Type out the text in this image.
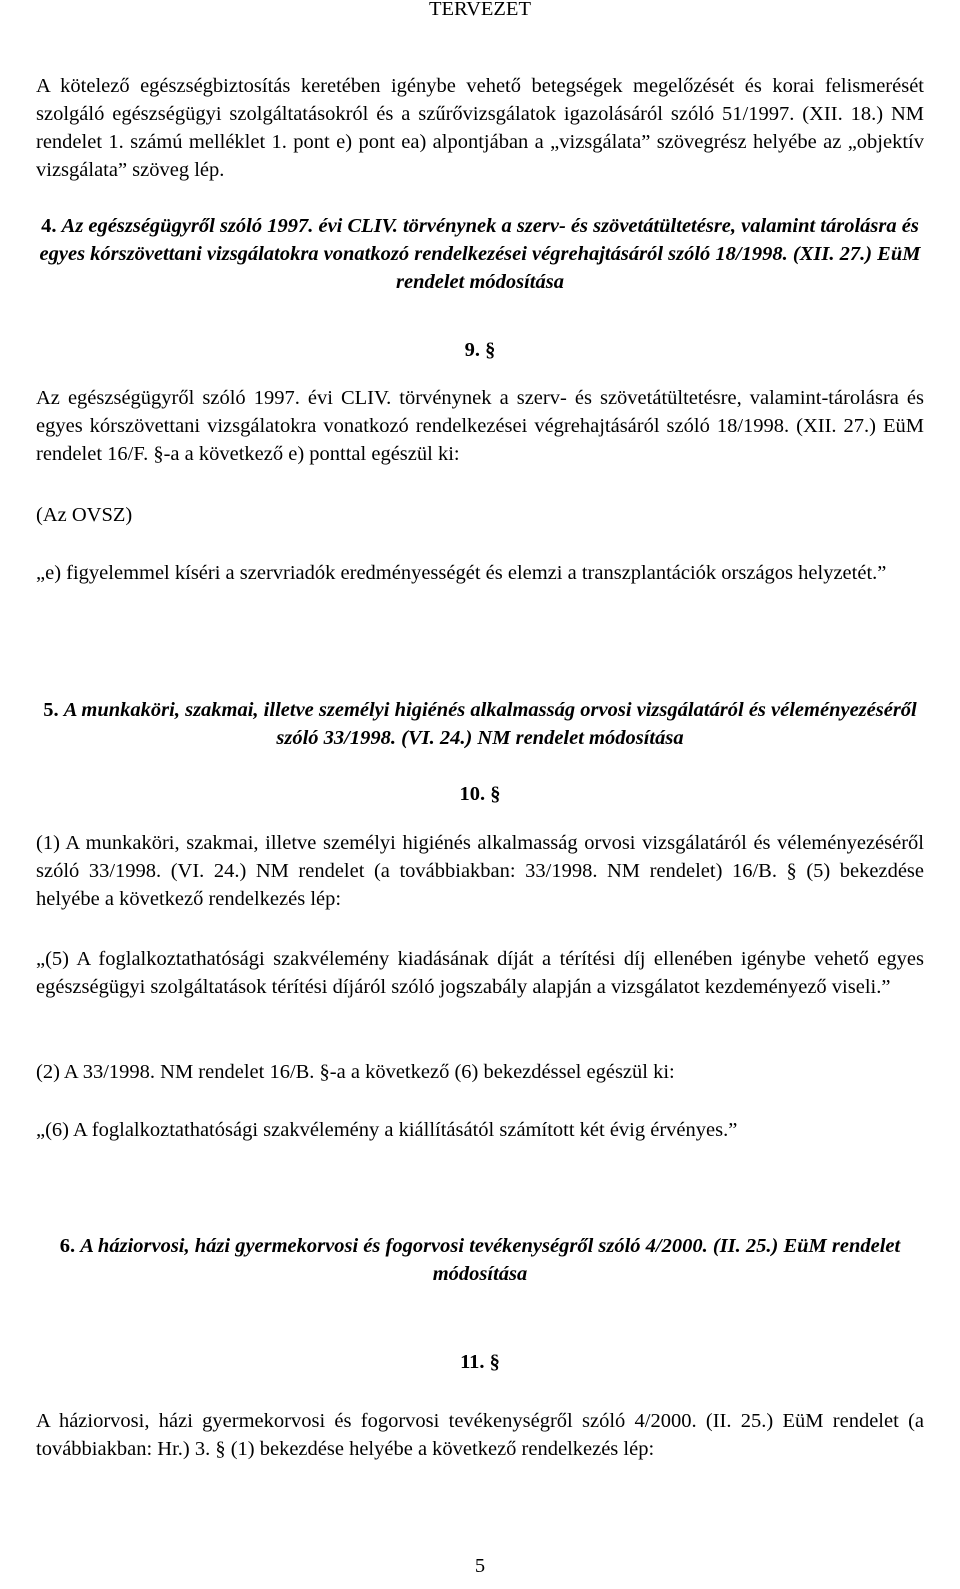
TERVEZET

A kötelező egészségbiztosítás keretében igénybe vehető betegségek megelőzését és korai felismerését szolgáló egészségügyi szolgáltatásokról és a szűrővizsgálatok igazolásáról szóló 51/1997. (XII. 18.) NM rendelet 1. számú melléklet 1. pont e) pont ea) alpontjában a „vizsgálata” szövegrész helyébe az „objektív vizsgálata” szöveg lép.

4. Az egészségügyről szóló 1997. évi CLIV. törvénynek a szerv- és szövetátültetésre, valamint tárolásra és egyes kórszövettani vizsgálatokra vonatkozó rendelkezései végrehajtásáról szóló 18/1998. (XII. 27.) EüM rendelet módosítása

9. §

Az egészségügyről szóló 1997. évi CLIV. törvénynek a szerv- és szövetátültetésre, valamint-tárolásra és egyes kórszövettani vizsgálatokra vonatkozó rendelkezései végrehajtásáról szóló 18/1998. (XII. 27.) EüM rendelet 16/F. §-a a következő e) ponttal egészül ki:

(Az OVSZ)

„e) figyelemmel kíséri a szervriadók eredményességét és elemzi a transzplantációk országos helyzetét.”

5. A munkaköri, szakmai, illetve személyi higiénés alkalmasság orvosi vizsgálatáról és véleményezéséről szóló 33/1998. (VI. 24.) NM rendelet módosítása

10. §

(1) A munkaköri, szakmai, illetve személyi higiénés alkalmasság orvosi vizsgálatáról és véleményezéséről szóló 33/1998. (VI. 24.) NM rendelet (a továbbiakban: 33/1998. NM rendelet) 16/B. § (5) bekezdése helyébe a következő rendelkezés lép:

„(5) A foglalkoztathatósági szakvélemény kiadásának díját a térítési díj ellenében igénybe vehető egyes egészségügyi szolgáltatások térítési díjáról szóló jogszabály alapján a vizsgálatot kezdeményező viseli.”

(2) A 33/1998. NM rendelet 16/B. §-a a következő (6) bekezdéssel egészül ki:

„(6) A foglalkoztathatósági szakvélemény a kiállításától számított két évig érvényes.”

6. A háziorvosi, házi gyermekorvosi és fogorvosi tevékenységről szóló 4/2000. (II. 25.) EüM rendelet módosítása

11. §

A háziorvosi, házi gyermekorvosi és fogorvosi tevékenységről szóló 4/2000. (II. 25.) EüM rendelet (a továbbiakban: Hr.) 3. § (1) bekezdése helyébe a következő rendelkezés lép:

5
